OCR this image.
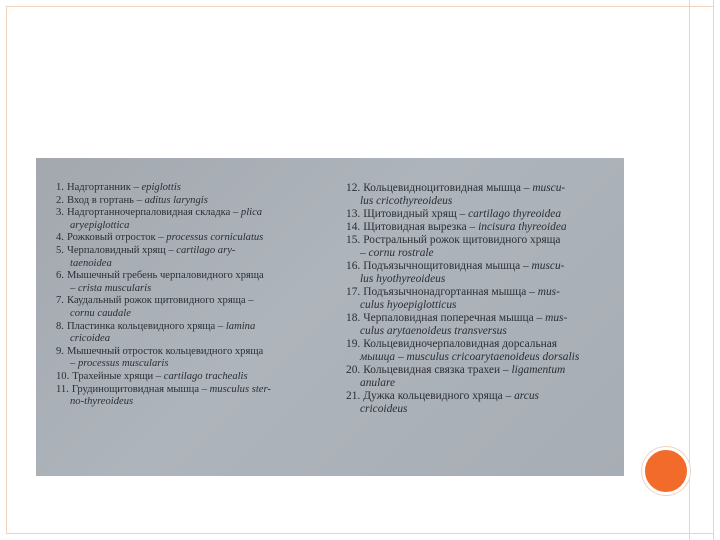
1. Надгортанник – epiglottis
2. Вход в гортань – aditus laryngis
3. Надгортанночерпаловидная складка – plica
aryepiglottica
4. Рожковый отросток – processus corniculatus
5. Черпаловидный хрящ – cartilago ary-
taenoidea
6. Мышечный гребень черпаловидного хряща
– crista muscularis
7. Каудальный рожок щитовидного хряща –
cornu caudale
8. Пластинка кольцевидного хряща – lamina
cricoidea
9. Мышечный отросток кольцевидного хряща
– processus muscularis
10. Трахейные хрящи – cartilago trachealis
11. Грудинощитовидная мышца – musculus ster-
no-thyreoideus
12. Кольцевидноцитовидная мышца – muscu-
lus cricothyreoideus
13. Щитовидный хрящ – cartilago thyreoidea
14. Щитовидная вырезка – incisura thyreoidea
15. Ростральный рожок щитовидного хряща
– cornu rostrale
16. Подъязычнощитовидная мышца – muscu-
lus hyothyreoideus
17. Подъязычнонадгортанная мышца – mus-
culus hyoepiglotticus
18. Черпаловидная поперечная мышца – mus-
culus arytaenoideus transversus
19. Кольцевидночерпаловидная дорсальная
мышца – musculus cricoarytaenoideus dorsalis
20. Кольцевидная связка трахеи – ligamentum
anulare
21. Дужка кольцевидного хряща – arcus
cricoideus
